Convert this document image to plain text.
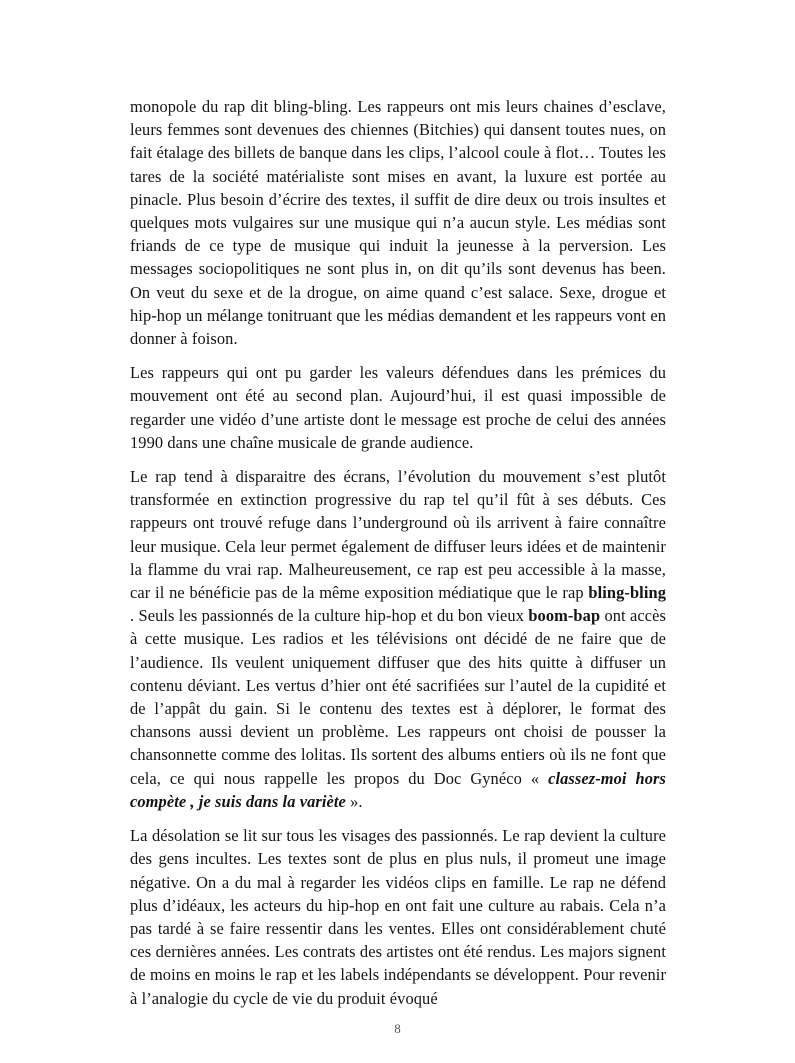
monopole du rap dit bling-bling. Les rappeurs ont mis leurs chaines d’esclave, leurs femmes sont devenues des chiennes (Bitchies) qui dansent toutes nues, on fait étalage des billets de banque dans les clips, l’alcool coule à flot… Toutes les tares de la société matérialiste sont mises en avant, la luxure est portée au pinacle. Plus besoin d’écrire des textes, il suffit de dire deux ou trois insultes et quelques mots vulgaires sur une musique qui n’a aucun style. Les médias sont friands de ce type de musique qui induit la jeunesse à la perversion. Les messages sociopolitiques ne sont plus in, on dit qu’ils sont devenus has been. On veut du sexe et de la drogue, on aime quand c’est salace. Sexe, drogue et hip-hop un mélange tonitruant que les médias demandent et les rappeurs vont en donner à foison.

Les rappeurs qui ont pu garder les valeurs défendues dans les prémices du mouvement ont été au second plan. Aujourd’hui, il est quasi impossible de regarder une vidéo d’une artiste dont le message est proche de celui des années 1990 dans une chaîne musicale de grande audience.

Le rap tend à disparaitre des écrans, l’évolution du mouvement s’est plutôt transformée en extinction progressive du rap tel qu’il fût à ses débuts. Ces rappeurs ont trouvé refuge dans l’underground où ils arrivent à faire connaître leur musique. Cela leur permet également de diffuser leurs idées et de maintenir la flamme du vrai rap. Malheureusement, ce rap est peu accessible à la masse, car il ne bénéficie pas de la même exposition médiatique que le rap bling-bling . Seuls les passionnés de la culture hip-hop et du bon vieux boom-bap ont accès à cette musique. Les radios et les télévisions ont décidé de ne faire que de l’audience. Ils veulent uniquement diffuser que des hits quitte à diffuser un contenu déviant. Les vertus d’hier ont été sacrifiées sur l’autel de la cupidité et de l’appât du gain. Si le contenu des textes est à déplorer, le format des chansons aussi devient un problème. Les rappeurs ont choisi de pousser la chansonnette comme des lolitas. Ils sortent des albums entiers où ils ne font que cela, ce qui nous rappelle les propos du Doc Gynéco « classez-moi hors compète , je suis dans la variète ».

La désolation se lit sur tous les visages des passionnés. Le rap devient la culture des gens incultes. Les textes sont de plus en plus nuls, il promeut une image négative. On a du mal à regarder les vidéos clips en famille. Le rap ne défend plus d’idéaux, les acteurs du hip-hop en ont fait une culture au rabais. Cela n’a pas tardé à se faire ressentir dans les ventes. Elles ont considérablement chuté ces dernières années. Les contrats des artistes ont été rendus. Les majors signent de moins en moins le rap et les labels indépendants se développent. Pour revenir à l’analogie du cycle de vie du produit évoqué

8
